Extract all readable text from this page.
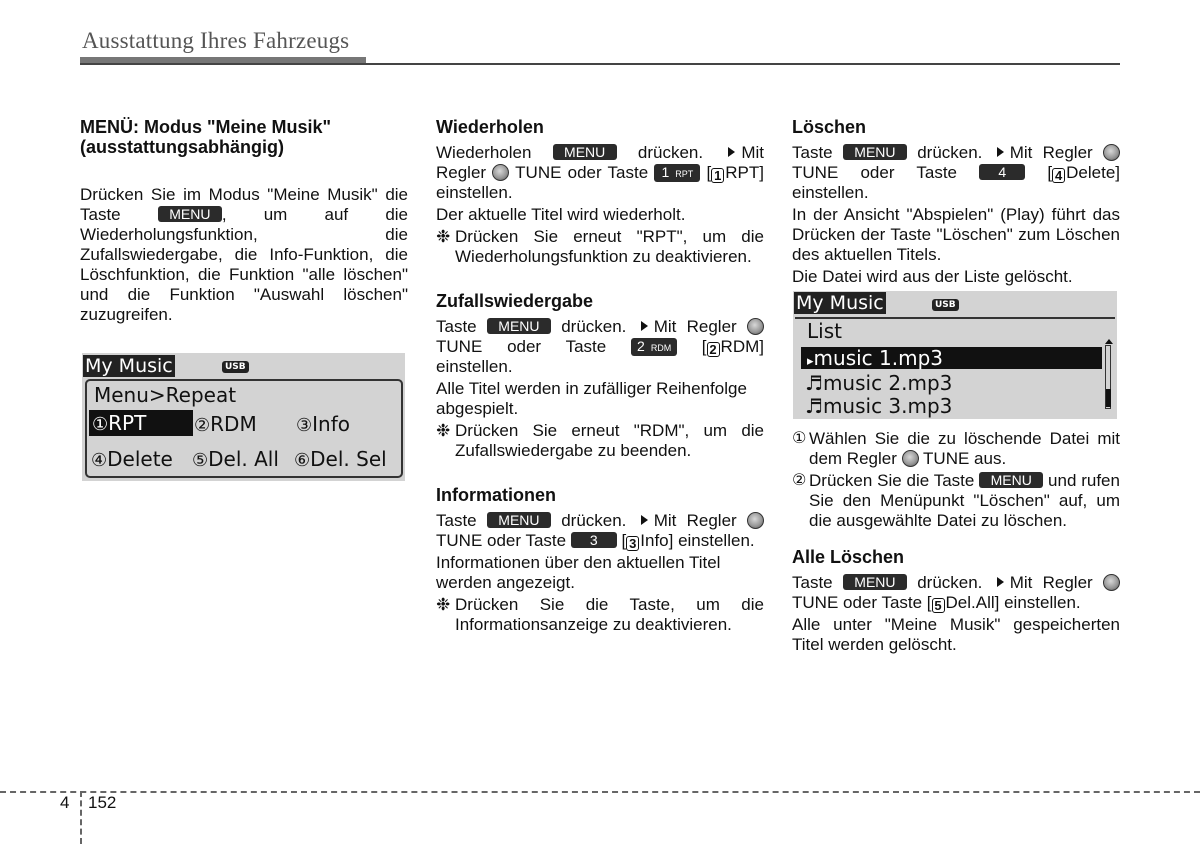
Ausstattung Ihres Fahrzeugs
MENÜ: Modus "Meine Musik" (ausstattungsabhängig)

Drücken Sie im Modus "Meine Musik" die Taste	MENU , um auf die Wiederholungsfunktion, die Zufallswiedergabe, die Info-Funktion, die Löschfunktion, die Funktion "alle löschen" und die Funktion "Auswahl löschen" zuzugreifen.

My Music	USB
Menu>Repeat
①RPT	②RDM ③Info
④Delete ⑤Del. All ⑥Del. Sel
Wiederholen

Wiederholen MENU drücken. Mit Regler TUNE oder Taste 1 RPT [ 1 RPT] einstellen.

Der aktuelle Titel wird wiederholt.

❉ Drücken Sie erneut "RPT", um die Wiederholungsfunktion zu deaktivieren.
Zufallswiedergabe

Taste MENU drücken. Mit Regler  TUNE oder Taste 2 RDM [ 2 RDM] einstellen.

Alle Titel werden in zufälliger Reihenfolge abgespielt.

❉ Drücken Sie erneut "RDM", um die Zufallswiedergabe zu beenden.
Informationen

Taste MENU drücken. Mit Regler  TUNE oder Taste 3 [ 3 Info] einstellen.

Informationen über den aktuellen Titel werden angezeigt.

❉ Drücken Sie die Taste, um die Informationsanzeige zu deaktivieren.
Löschen

Taste MENU drücken. Mit Regler  TUNE oder Taste	4 [ 4 Delete] einstellen.

In der Ansicht "Abspielen" (Play) führt das Drücken der Taste "Löschen" zum Löschen des aktuellen Titels.

Die Datei wird aus der Liste gelöscht.

① Wählen Sie die zu löschende Datei mit dem Regler TUNE aus.
② Drücken Sie die Taste MENU und rufen Sie den Menüpunkt "Löschen" auf, um die ausgewählte Datei zu löschen.
Alle Löschen

Taste MENU drücken. Mit Regler  TUNE oder Taste [ 5 Del.All] einstellen.

Alle unter "Meine Musik" gespeicherten Titel werden gelöscht.

My Music	USB
List
▸music 1.mp3
♬music 2.mp3
♬music 3.mp3
4 152
